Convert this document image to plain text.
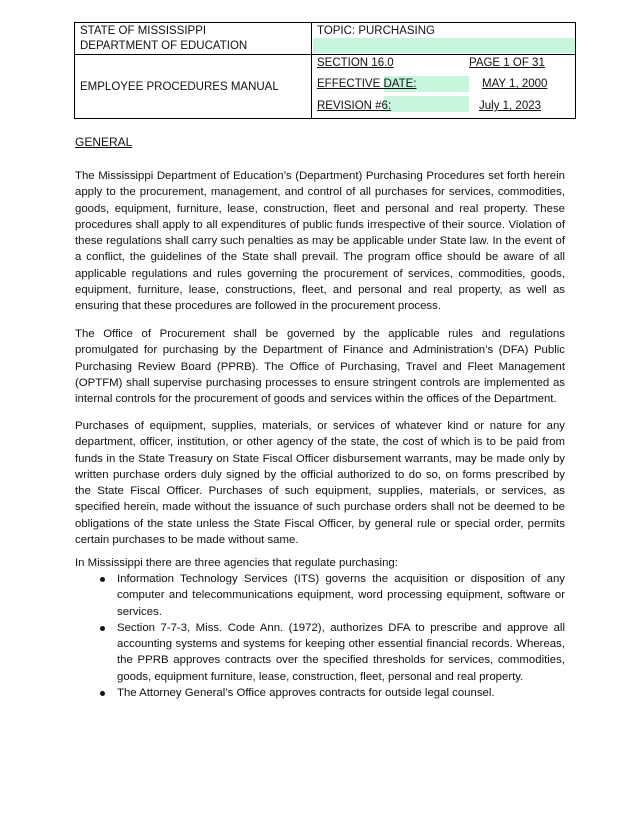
STATE OF MISSISSIPPI
DEPARTMENT OF EDUCATION
TOPIC: PURCHASING
EMPLOYEE PROCEDURES MANUAL
SECTION 16.0	PAGE 1 OF 31
EFFECTIVE DATE:	MAY 1, 2000
REVISION #6:	July 1, 2023
GENERAL

The Mississippi Department of Education’s (Department) Purchasing Procedures set forth herein apply to the procurement, management, and control of all purchases for services, commodities, goods, equipment, furniture, lease, construction, fleet and personal and real property. These procedures shall apply to all expenditures of public funds irrespective of their source. Violation of these regulations shall carry such penalties as may be applicable under State law. In the event of a conflict, the guidelines of the State shall prevail. The program office should be aware of all applicable regulations and rules governing the procurement of services, commodities, goods, equipment, furniture, lease, constructions, fleet, and personal and real property, as well as ensuring that these procedures are followed in the procurement process.

The Office of Procurement shall be governed by the applicable rules and regulations promulgated for purchasing by the Department of Finance and Administration’s (DFA) Public Purchasing Review Board (PPRB). The Office of Purchasing, Travel and Fleet Management (OPTFM) shall supervise purchasing processes to ensure stringent controls are implemented as internal controls for the procurement of goods and services within the offices of the Department.

Purchases of equipment, supplies, materials, or services of whatever kind or nature for any department, officer, institution, or other agency of the state, the cost of which is to be paid from funds in the State Treasury on State Fiscal Officer disbursement warrants, may be made only by written purchase orders duly signed by the official authorized to do so, on forms prescribed by the State Fiscal Officer. Purchases of such equipment, supplies, materials, or services, as specified herein, made without the issuance of such purchase orders shall not be deemed to be obligations of the state unless the State Fiscal Officer, by general rule or special order, permits certain purchases to be made without same.

In Mississippi there are three agencies that regulate purchasing:

Information Technology Services (ITS) governs the acquisition or disposition of any computer and telecommunications equipment, word processing equipment, software or services.
Section 7-7-3, Miss. Code Ann. (1972), authorizes DFA to prescribe and approve all accounting systems and systems for keeping other essential financial records. Whereas, the PPRB approves contracts over the specified thresholds for services, commodities, goods, equipment furniture, lease, construction, fleet, personal and real property.
The Attorney General’s Office approves contracts for outside legal counsel.
